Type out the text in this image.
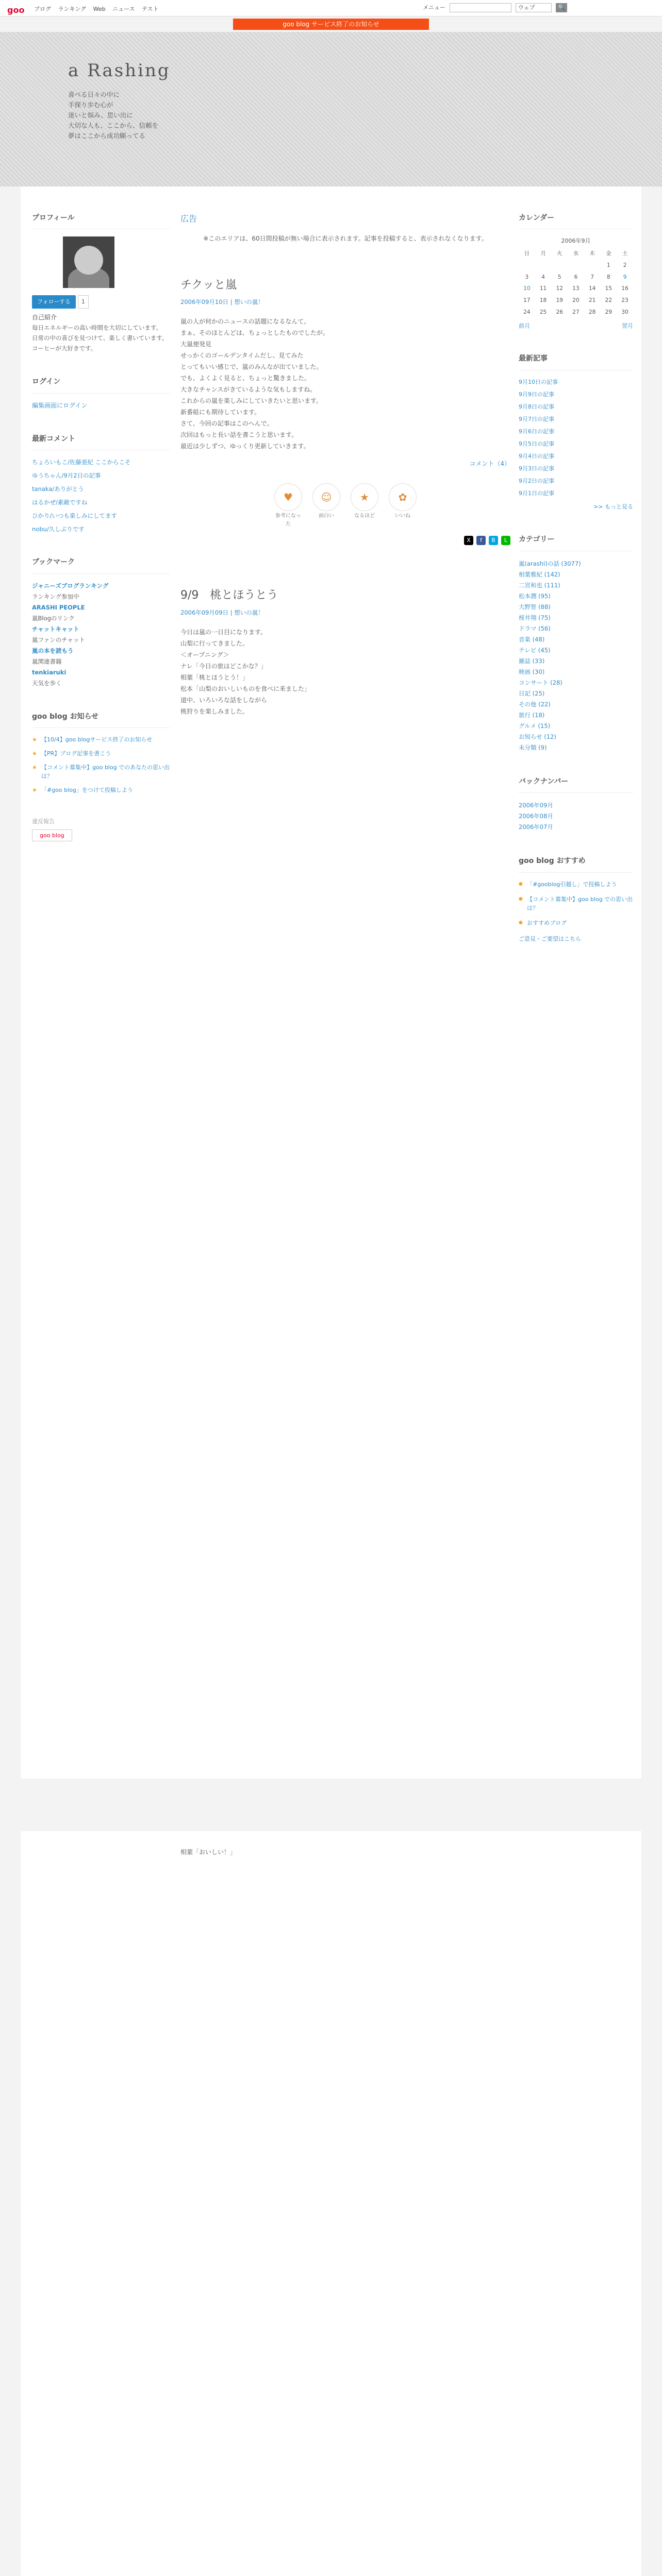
goo ブログ ランキング Web ニュース テスト	メニュー	ウェブ	🔍
goo blog サービス終了のお知らせ
a Rashing
喜べる日々の中に
手探り歩む心が
迷いと悩み、思い出に
大切な人も、ここから、信頼を
夢はここから成功願ってる
プロフィール
フォローする 1
自己紹介
毎日エネルギーの高い時間を大切にしています。
日常の中の喜びを見つけて、楽しく書いています。
コーヒーが大好きです。
ログイン
編集画面にログイン
最新コメント
ちょろいもこ/佐藤亜紀 ここからこそ
ゆうちゃん/9月2日の記事
tanaka/ありがとう
はるかぜ/素敵ですね
ひかり/いつも楽しみにしてます
nobu/久しぶりです
ブックマーク
ジャニーズブログランキング
ランキング参加中
ARASHI PEOPLE
嵐Blogのリンク
チャットキャット
嵐ファンのチャット
嵐の本を読もう
嵐関連書籍
tenkiaruki
天気を歩く
goo blog お知らせ
★ 【10/4】goo blogサービス終了のお知らせ
★ 【PR】ブログ記事を書こう
★ 【コメント募集中】goo blog でのあなたの思い出は？
★ 「#goo blog」をつけて投稿しよう
違反報告
goo blog
広告
※このエリアは、60日間投稿が無い場合に表示されます。記事を投稿すると、表示されなくなります。
チクッと嵐
2006年09月10日 | 想いの嵐！
嵐の人が何かのニュースの話題になるなんて。
まぁ、そのほとんどは、ちょっとしたものでしたが。
大嵐便発見
せっかくのゴールデンタイムだし、見てみた
とってもいい感じで、嵐のみんなが出ていました。
でも、よくよく見ると、ちょっと驚きました。
大きなチャンスがきているような気もしますね。
これからの嵐を楽しみにしていきたいと思います。
新番組にも期待しています。
さて、今回の記事はこのへんで。
次回はもっと長い話を書こうと思います。
最近は少しずつ、ゆっくり更新していきます。
コメント（4）
♥
参考になった
☺
面白い
★
なるほど
✿
いいね
X	f	B	L
9/9　桃とほうとう
2006年09月09日 | 想いの嵐！
今日は嵐の一日目になります。
山梨に行ってきました。
＜オープニング＞
ナレ「今日の旅はどこかな？」
相葉「桃とほうとう！」
松本「山梨のおいしいものを食べに来ました」
道中、いろいろな話をしながら
桃狩りを楽しみました。
カレンダー
2006年9月
日	月	火	水	木	金	土
					1	2
3	4	5	6	7	8	9
10	11	12	13	14	15	16
17	18	19	20	21	22	23
24	25	26	27	28	29	30
前月	翌月
最新記事
9月10日の記事
9月9日の記事
9月8日の記事
9月7日の記事
9月6日の記事
9月5日の記事
9月4日の記事
9月3日の記事
9月2日の記事
9月1日の記事
>> もっと見る
カテゴリー
嵐(arashi)の話 (3077)
相葉雅紀 (142)
二宮和也 (111)
松本潤 (95)
大野智 (88)
桜井翔 (75)
ドラマ (56)
音楽 (48)
テレビ (45)
雑誌 (33)
映画 (30)
コンサート (28)
日記 (25)
その他 (22)
旅行 (18)
グルメ (15)
お知らせ (12)
未分類 (9)
バックナンバー
2006年09月
2006年08月
2006年07月
goo blog おすすめ
● 「#gooblog引越し」で投稿しよう
● 【コメント募集中】goo blog での思い出は？
● おすすめブログ
ご意見・ご要望はこちら
相葉「おいしい！」
